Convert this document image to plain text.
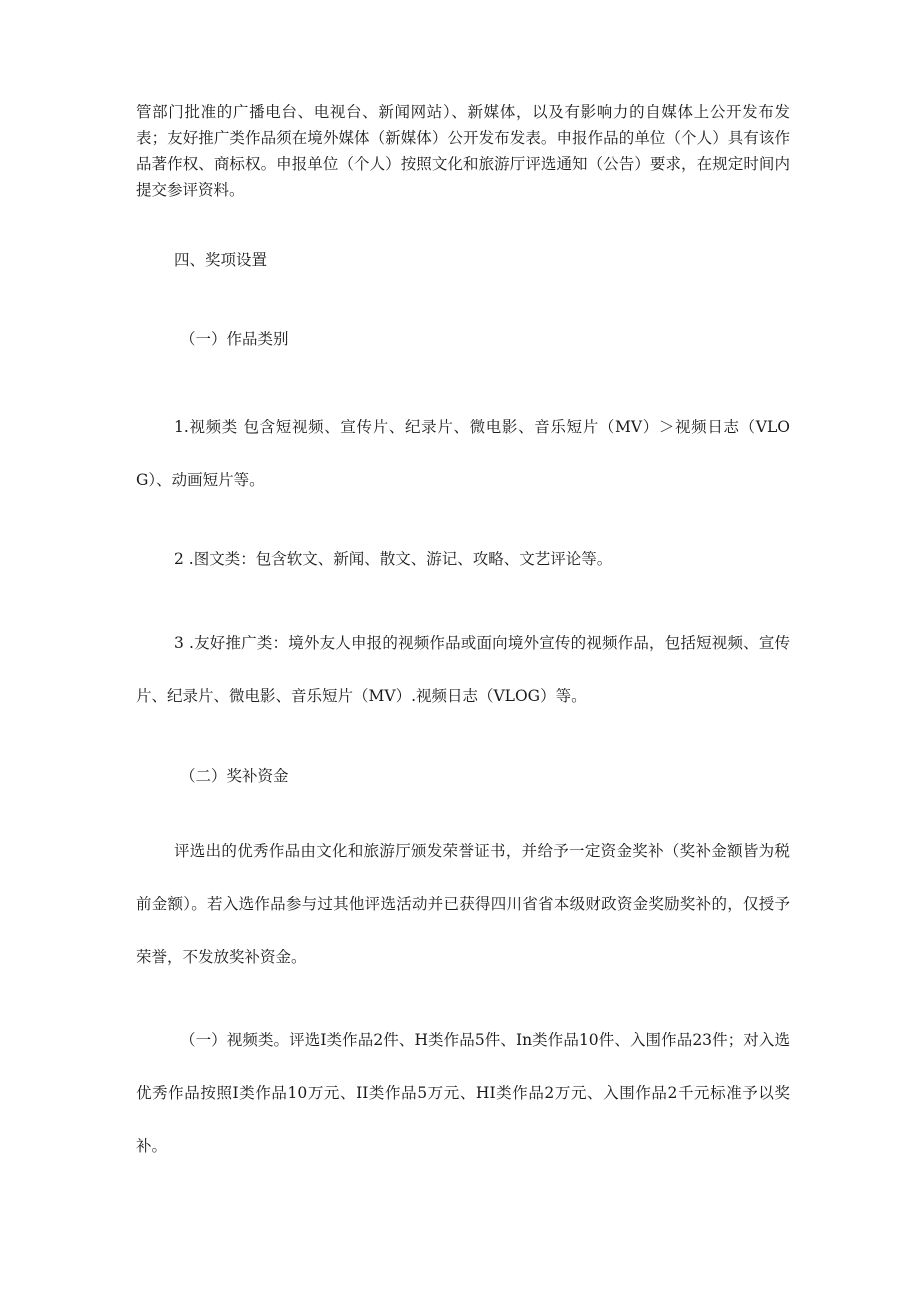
管部门批准的广播电台、电视台、新闻网站）、新媒体，以及有影响力的自媒体上公开发布发表；友好推广类作品须在境外媒体（新媒体）公开发布发表。申报作品的单位（个人）具有该作品著作权、商标权。申报单位（个人）按照文化和旅游厅评选通知（公告）要求，在规定时间内提交参评资料。

四、奖项设置

（一）作品类别

1.视频类 包含短视频、宣传片、纪录片、微电影、音乐短片（MV）＞视频日志（VLOG）、动画短片等。

2 .图文类：包含软文、新闻、散文、游记、攻略、文艺评论等。

3 .友好推广类：境外友人申报的视频作品或面向境外宣传的视频作品，包括短视频、宣传片、纪录片、微电影、音乐短片（MV）.视频日志（VLOG）等。

（二）奖补资金

评选出的优秀作品由文化和旅游厅颁发荣誉证书，并给予一定资金奖补（奖补金额皆为税前金额）。若入选作品参与过其他评选活动并已获得四川省省本级财政资金奖励奖补的，仅授予荣誉，不发放奖补资金。

（一）视频类。评选I类作品2件、H类作品5件、In类作品10件、入围作品23件；对入选优秀作品按照I类作品10万元、II类作品5万元、HI类作品2万元、入围作品2千元标准予以奖补。
